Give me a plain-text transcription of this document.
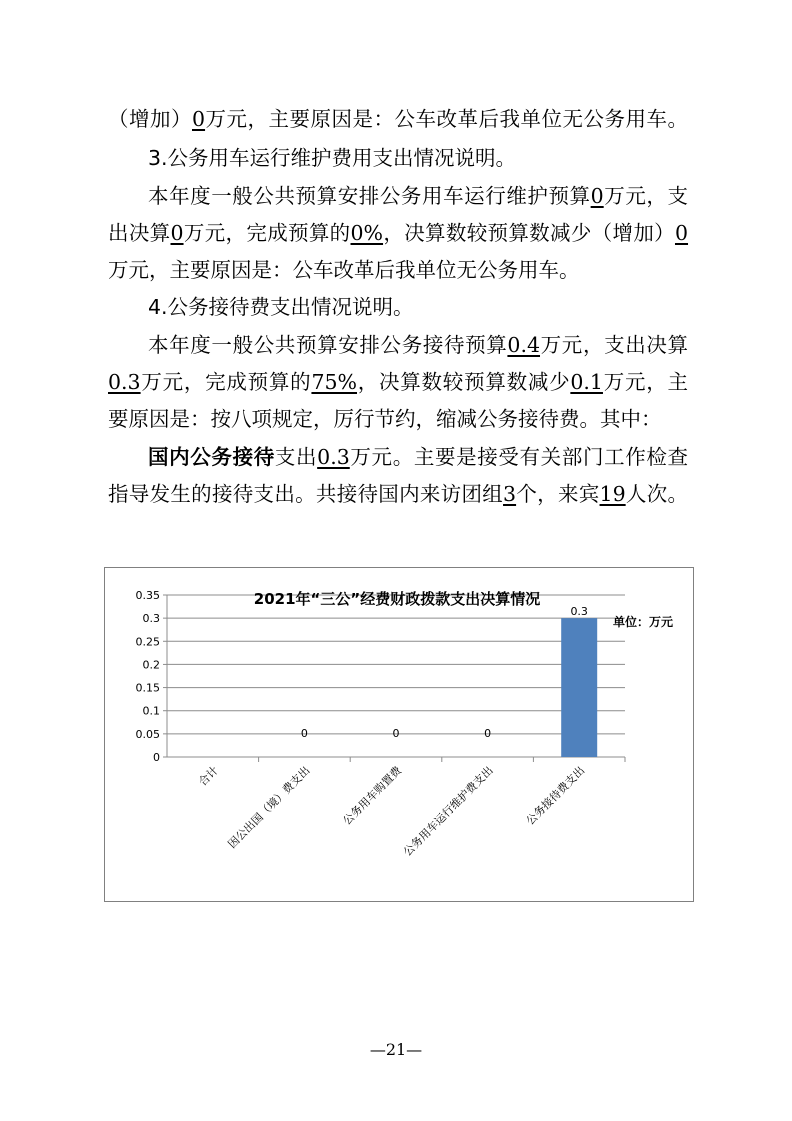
（增加）0万元，主要原因是：公车改革后我单位无公务用车。
3.公务用车运行维护费用支出情况说明。
本年度一般公共预算安排公务用车运行维护预算0万元，支
出决算0万元，完成预算的0%，决算数较预算数减少（增加）0
万元，主要原因是：公车改革后我单位无公务用车。
4.公务接待费支出情况说明。
本年度一般公共预算安排公务接待预算0.4万元，支出决算
0.3万元，完成预算的75%，决算数较预算数减少0.1万元，主
要原因是：按八项规定，厉行节约，缩减公务接待费。其中：
国内公务接待支出0.3万元。主要是接受有关部门工作检查
指导发生的接待支出。共接待国内来访团组3个，来宾19人次。
0
0.05
0.1
0.15
0.2
0.25
0.3
0.35
合计
0
因公出国（境）费支出
0
公务用车购置费
0
公务用车运行维护费支出
0.3
公务接待费支出
2021年“三公”经费财政拨款支出决算情况
单位：万元
—21—
